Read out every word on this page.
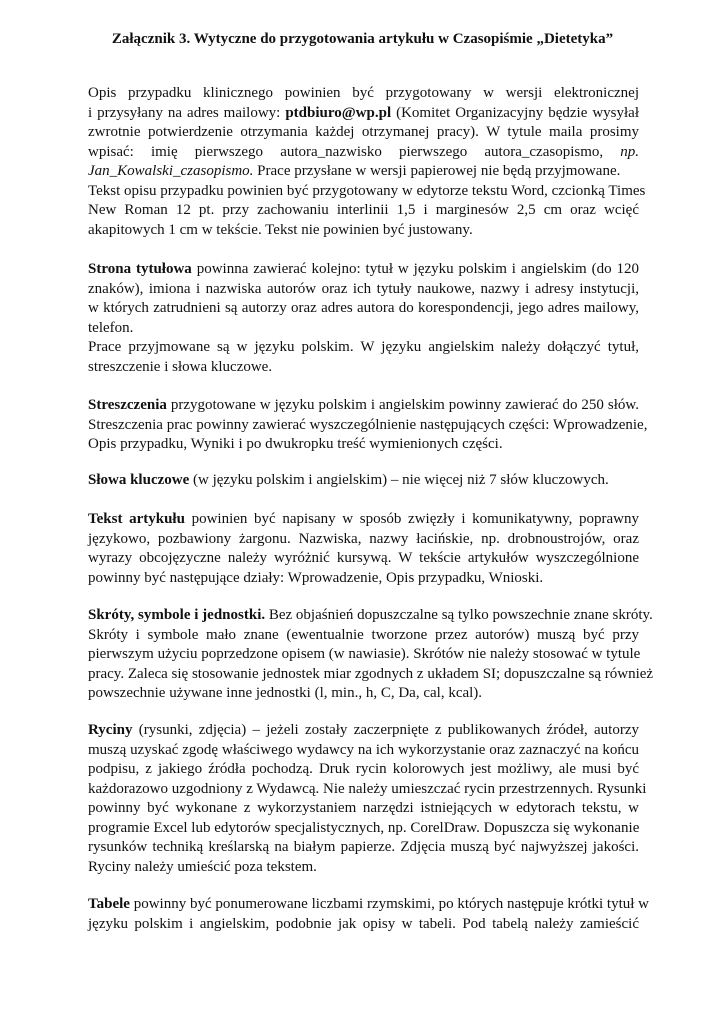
Załącznik 3. Wytyczne do przygotowania artykułu w Czasopiśmie „Dietetyka”
Opis przypadku klinicznego powinien być przygotowany w wersji elektronicznej
i przysyłany na adres mailowy: ptdbiuro@wp.pl (Komitet Organizacyjny będzie wysyłał
zwrotnie potwierdzenie otrzymania każdej otrzymanej pracy). W tytule maila prosimy
wpisać: imię pierwszego autora_nazwisko pierwszego autora_czasopismo, np.
Jan_Kowalski_czasopismo. Prace przysłane w wersji papierowej nie będą przyjmowane.
Tekst opisu przypadku powinien być przygotowany w edytorze tekstu Word, czcionką Times
New Roman 12 pt. przy zachowaniu interlinii 1,5 i marginesów 2,5 cm oraz wcięć
akapitowych 1 cm w tekście. Tekst nie powinien być justowany.
Strona tytułowa powinna zawierać kolejno: tytuł w języku polskim i angielskim (do 120
znaków), imiona i nazwiska autorów oraz ich tytuły naukowe, nazwy i adresy instytucji,
w których zatrudnieni są autorzy oraz adres autora do korespondencji, jego adres mailowy,
telefon.
Prace przyjmowane są w języku polskim. W języku angielskim należy dołączyć tytuł,
streszczenie i słowa kluczowe.
Streszczenia przygotowane w języku polskim i angielskim powinny zawierać do 250 słów.
Streszczenia prac powinny zawierać wyszczególnienie następujących części: Wprowadzenie,
Opis przypadku, Wyniki i po dwukropku treść wymienionych części.
Słowa kluczowe (w języku polskim i angielskim) – nie więcej niż 7 słów kluczowych.
Tekst artykułu powinien być napisany w sposób zwięzły i komunikatywny, poprawny
językowo, pozbawiony żargonu. Nazwiska, nazwy łacińskie, np. drobnoustrojów, oraz
wyrazy obcojęzyczne należy wyróżnić kursywą. W tekście artykułów wyszczególnione
powinny być następujące działy: Wprowadzenie, Opis przypadku, Wnioski.
Skróty, symbole i jednostki. Bez objaśnień dopuszczalne są tylko powszechnie znane skróty.
Skróty i symbole mało znane (ewentualnie tworzone przez autorów) muszą być przy
pierwszym użyciu poprzedzone opisem (w nawiasie). Skrótów nie należy stosować w tytule
pracy. Zaleca się stosowanie jednostek miar zgodnych z układem SI; dopuszczalne są również
powszechnie używane inne jednostki (l, min., h, C, Da, cal, kcal).
Ryciny (rysunki, zdjęcia) – jeżeli zostały zaczerpnięte z publikowanych źródeł, autorzy
muszą uzyskać zgodę właściwego wydawcy na ich wykorzystanie oraz zaznaczyć na końcu
podpisu, z jakiego źródła pochodzą. Druk rycin kolorowych jest możliwy, ale musi być
każdorazowo uzgodniony z Wydawcą. Nie należy umieszczać rycin przestrzennych. Rysunki
powinny być wykonane z wykorzystaniem narzędzi istniejących w edytorach tekstu, w
programie Excel lub edytorów specjalistycznych, np. CorelDraw. Dopuszcza się wykonanie
rysunków techniką kreślarską na białym papierze. Zdjęcia muszą być najwyższej jakości.
Ryciny należy umieścić poza tekstem.
Tabele powinny być ponumerowane liczbami rzymskimi, po których następuje krótki tytuł w
języku polskim i angielskim, podobnie jak opisy w tabeli. Pod tabelą należy zamieścić
